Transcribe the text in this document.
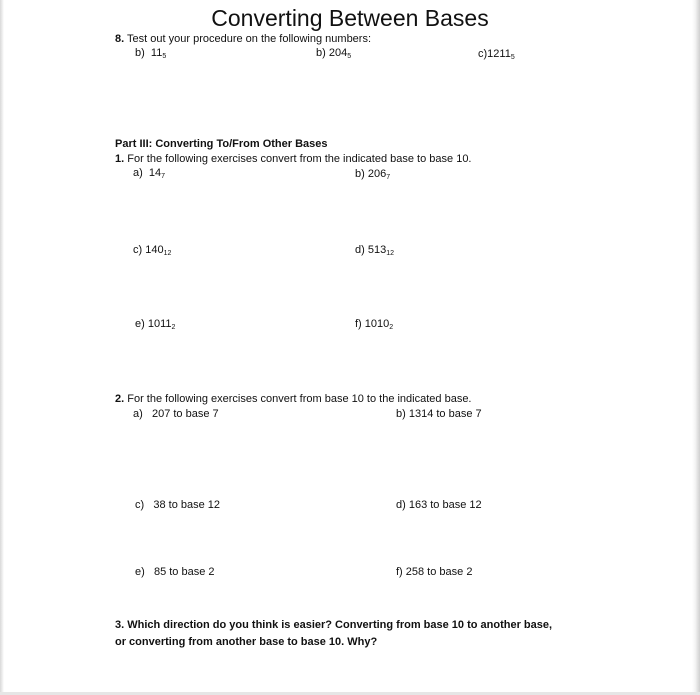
Converting Between Bases
8. Test out your procedure on the following numbers:
b) $11_5$	b) $204_5$	$c)1211_5$
Part III: Converting To/From Other Bases
1. For the following exercises convert from the indicated base to base 10.
a) $14_7$	b) $206_7$
c) $140_{12}$	d) $513_{12}$
e) $1011_2$	f) $1010_2$
2. For the following exercises convert from base 10 to the indicated base.
a) 207 to base 7	b) 1314 to base 7
c) 38 to base 12	d) 163 to base 12
e) 85 to base 2	f) 258 to base 2
3. Which direction do you think is easier? Converting from base 10 to another base, or converting from another base to base 10. Why?
